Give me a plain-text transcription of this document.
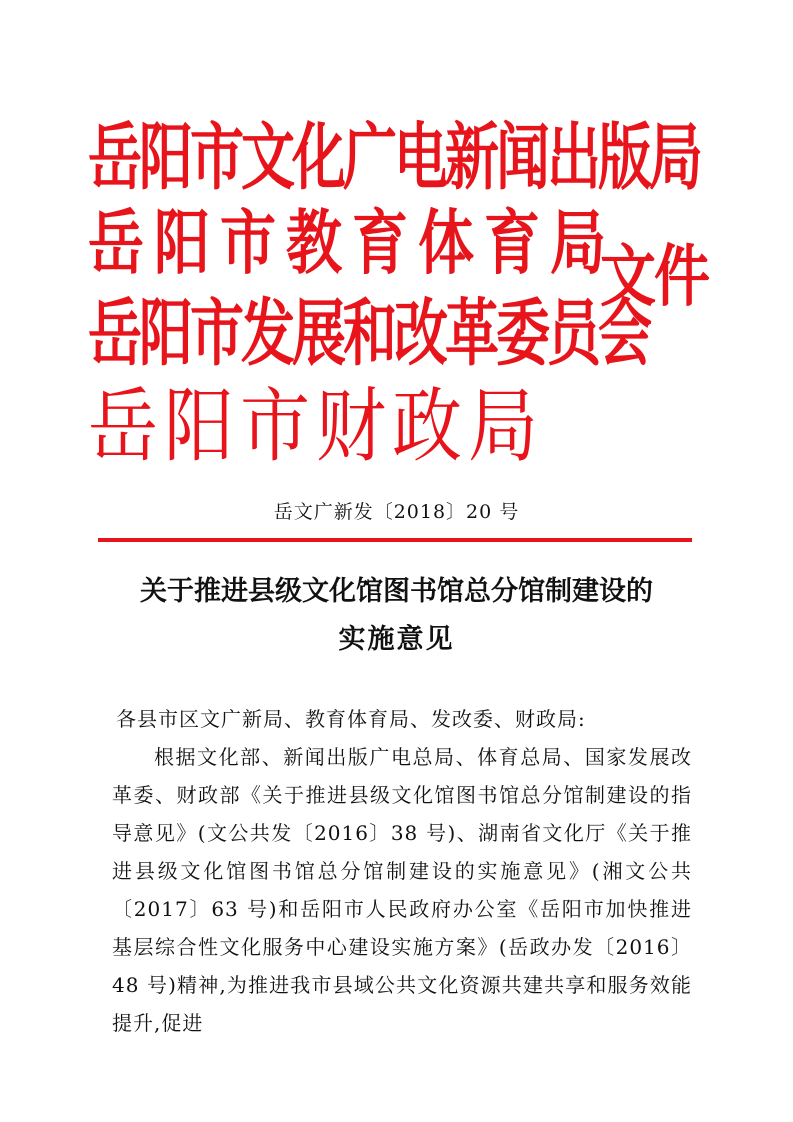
岳阳市文化广电新闻出版局
岳阳市教育体育局
岳阳市发展和改革委员会
岳阳市财政局
文件
岳文广新发〔2018〕20 号
关于推进县级文化馆图书馆总分馆制建设的
实施意见
各县市区文广新局、教育体育局、发改委、财政局:
根据文化部、新闻出版广电总局、体育总局、国家发展改革委、财政部《关于推进县级文化馆图书馆总分馆制建设的指导意见》(文公共发〔2016〕38 号)、湖南省文化厅《关于推进县级文化馆图书馆总分馆制建设的实施意见》(湘文公共〔2017〕63 号)和岳阳市人民政府办公室《岳阳市加快推进基层综合性文化服务中心建设实施方案》(岳政办发〔2016〕48 号)精神,为推进我市县域公共文化资源共建共享和服务效能提升,促进
